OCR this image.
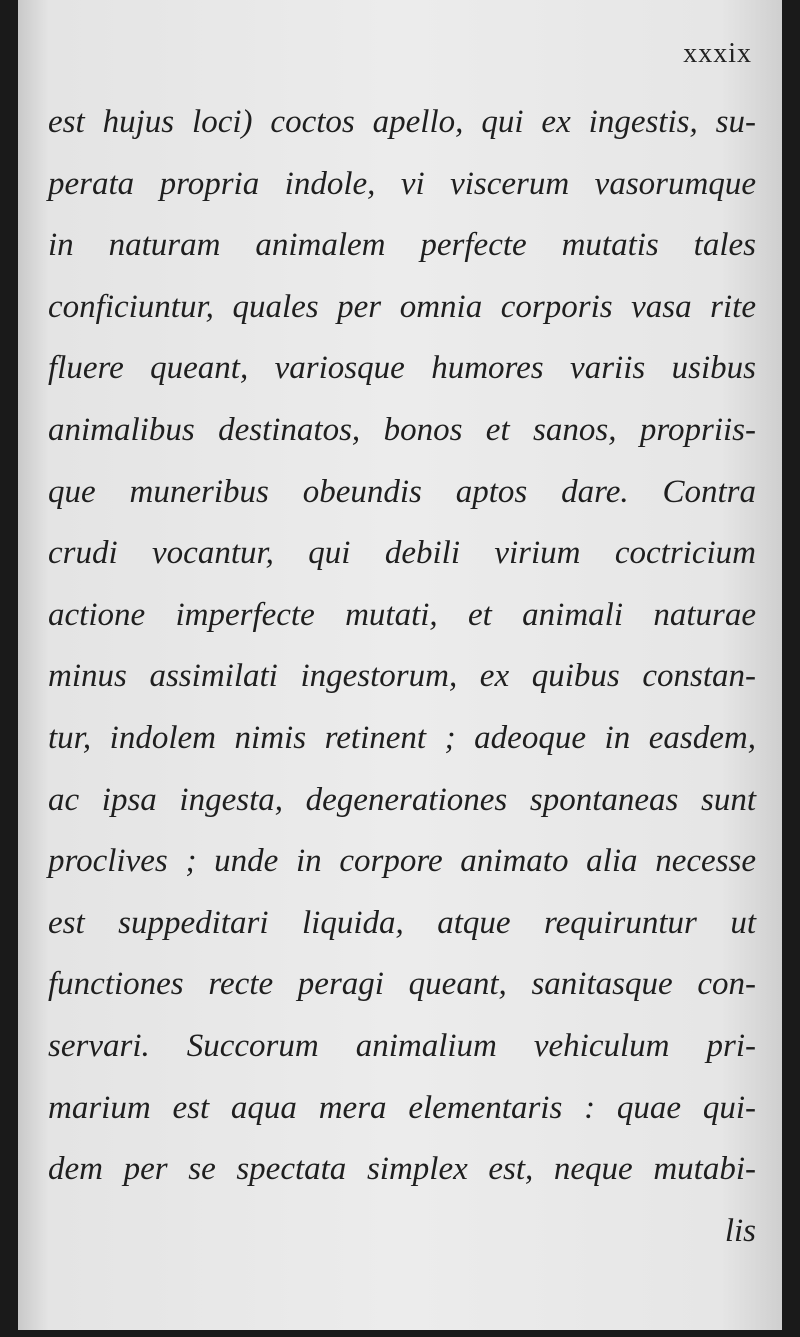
xxxix
est hujus loci) coctos apello, qui ex ingestis, su-
perata propria indole, vi viscerum vasorumque
in naturam animalem perfecte mutatis tales
conficiuntur, quales per omnia corporis vasa rite
fluere queant, variosque humores variis usibus
animalibus destinatos, bonos et sanos, propriis-
que muneribus obeundis aptos dare. Contra
crudi vocantur, qui debili virium coctricium
actione imperfecte mutati, et animali naturae
minus assimilati ingestorum, ex quibus constan-
tur, indolem nimis retinent ; adeoque in easdem,
ac ipsa ingesta, degenerationes spontaneas sunt
proclives ; unde in corpore animato alia necesse
est suppeditari liquida, atque requiruntur ut
functiones recte peragi queant, sanitasque con-
servari. Succorum animalium vehiculum pri-
marium est aqua mera elementaris : quae qui-
dem per se spectata simplex est, neque mutabi-
lis
